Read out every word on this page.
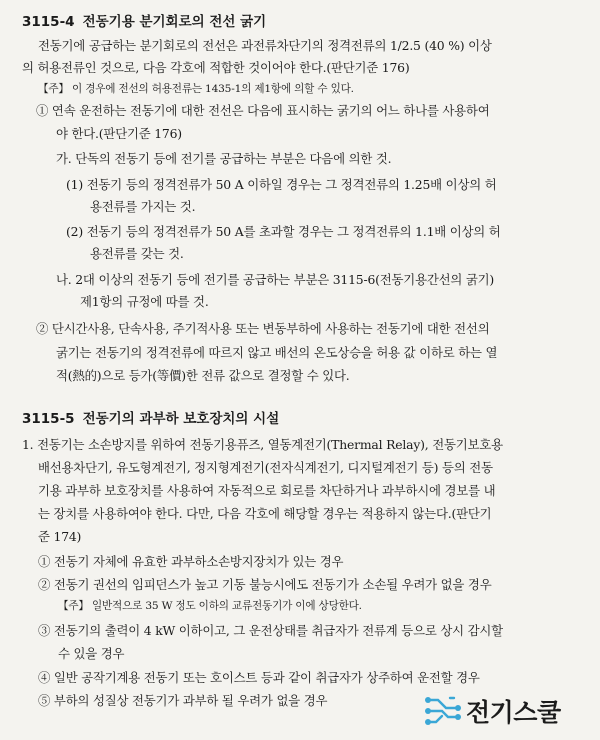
3115-4 전동기용 분기회로의 전선 굵기
전동기에 공급하는 분기회로의 전선은 과전류차단기의 정격전류의 1/2.5 (40 %) 이상
의 허용전류인 것으로, 다음 각호에 적합한 것이어야 한다.(판단기준 176)
【주】 이 경우에 전선의 허용전류는 1435-1의 제1항에 의할 수 있다.
① 연속 운전하는 전동기에 대한 전선은 다음에 표시하는 굵기의 어느 하나를 사용하여
야 한다.(판단기준 176)
가. 단독의 전동기 등에 전기를 공급하는 부분은 다음에 의한 것.
(1) 전동기 등의 정격전류가 50 A 이하일 경우는 그 정격전류의 1.25배 이상의 허
용전류를 가지는 것.
(2) 전동기 등의 정격전류가 50 A를 초과할 경우는 그 정격전류의 1.1배 이상의 허
용전류를 갖는 것.
나. 2대 이상의 전동기 등에 전기를 공급하는 부분은 3115-6(전동기용간선의 굵기)
제1항의 규정에 따를 것.
② 단시간사용, 단속사용, 주기적사용 또는 변동부하에 사용하는 전동기에 대한 전선의
굵기는 전동기의 정격전류에 따르지 않고 배선의 온도상승을 허용 값 이하로 하는 열
적(熱的)으로 등가(等價)한 전류 값으로 결정할 수 있다.
3115-5 전동기의 과부하 보호장치의 시설
1. 전동기는 소손방지를 위하여 전동기용퓨즈, 열동계전기(Thermal Relay), 전동기보호용
배선용차단기, 유도형계전기, 정지형계전기(전자식계전기, 디지털계전기 등) 등의 전동
기용 과부하 보호장치를 사용하여 자동적으로 회로를 차단하거나 과부하시에 경보를 내
는 장치를 사용하여야 한다. 다만, 다음 각호에 해당할 경우는 적용하지 않는다.(판단기
준 174)
① 전동기 자체에 유효한 과부하소손방지장치가 있는 경우
② 전동기 권선의 임피던스가 높고 기동 불능시에도 전동기가 소손될 우려가 없을 경우
【주】 일반적으로 35 W 정도 이하의 교류전동기가 이에 상당한다.
③ 전동기의 출력이 4 kW 이하이고, 그 운전상태를 취급자가 전류계 등으로 상시 감시할
수 있을 경우
④ 일반 공작기계용 전동기 또는 호이스트 등과 같이 취급자가 상주하여 운전할 경우
⑤ 부하의 성질상 전동기가 과부하 될 우려가 없을 경우	전기스쿨
